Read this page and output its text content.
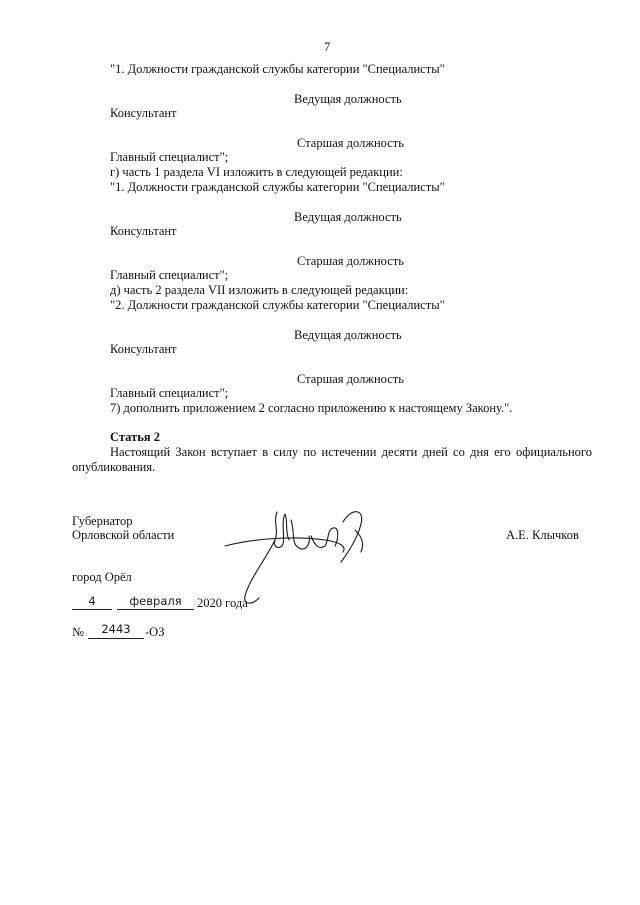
7
"1. Должности гражданской службы категории "Специалисты"
Ведущая должность
Консультант
Старшая должность
Главный специалист";
г) часть 1 раздела VI изложить в следующей редакции:
"1. Должности гражданской службы категории "Специалисты"
Ведущая должность
Консультант
Старшая должность
Главный специалист";
д) часть 2 раздела VII изложить в следующей редакции:
"2. Должности гражданской службы категории "Специалисты"
Ведущая должность
Консультант
Старшая должность
Главный специалист";
7) дополнить приложением 2 согласно приложению к настоящему Закону.".
Статья 2
Настоящий Закон вступает в силу по истечении десяти дней со дня его официального опубликования.
Губернатор
Орловской области	А.Е. Клычков
город Орёл
4	февраля	2020 года
№	2443	-ОЗ
